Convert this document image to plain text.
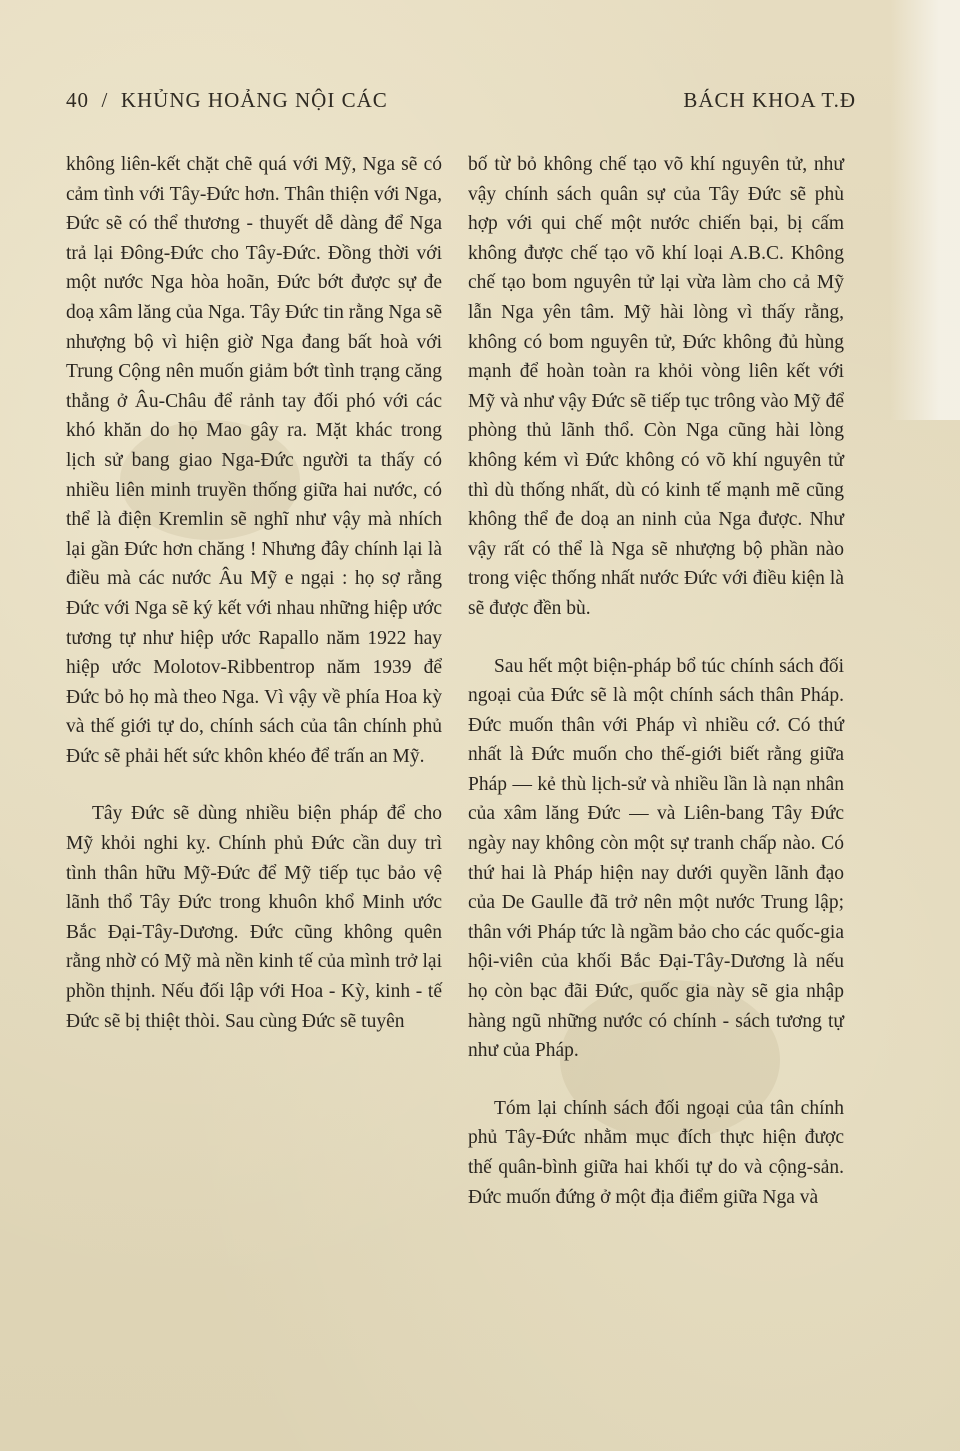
40 / KHỦNG HOẢNG NỘI CÁC	BÁCH KHOA T.Đ

không liên-kết chặt chẽ quá với Mỹ, Nga sẽ có cảm tình với Tây-Đức hơn. Thân thiện với Nga, Đức sẽ có thể thương - thuyết dễ dàng để Nga trả lại Đông-Đức cho Tây-Đức. Đồng thời với một nước Nga hòa hoãn, Đức bớt được sự đe doạ xâm lăng của Nga. Tây Đức tin rằng Nga sẽ nhượng bộ vì hiện giờ Nga đang bất hoà với Trung Cộng nên muốn giảm bớt tình trạng căng thẳng ở Âu-Châu để rảnh tay đối phó với các khó khăn do họ Mao gây ra. Mặt khác trong lịch sử bang giao Nga-Đức người ta thấy có nhiều liên minh truyền thống giữa hai nước, có thể là điện Kremlin sẽ nghĩ như vậy mà nhích lại gần Đức hơn chăng ! Nhưng đây chính lại là điều mà các nước Âu Mỹ e ngại : họ sợ rằng Đức với Nga sẽ ký kết với nhau những hiệp ước tương tự như hiệp ước Rapallo năm 1922 hay hiệp ước Molotov-Ribbentrop năm 1939 để Đức bỏ họ mà theo Nga. Vì vậy về phía Hoa kỳ và thế giới tự do, chính sách của tân chính phủ Đức sẽ phải hết sức khôn khéo để trấn an Mỹ.

Tây Đức sẽ dùng nhiều biện pháp để cho Mỹ khỏi nghi kỵ. Chính phủ Đức cần duy trì tình thân hữu Mỹ-Đức để Mỹ tiếp tục bảo vệ lãnh thổ Tây Đức trong khuôn khổ Minh ước Bắc Đại-Tây-Dương. Đức cũng không quên rằng nhờ có Mỹ mà nền kinh tế của mình trở lại phồn thịnh. Nếu đối lập với Hoa - Kỳ, kinh - tế Đức sẽ bị thiệt thòi. Sau cùng Đức sẽ tuyên

bố từ bỏ không chế tạo võ khí nguyên tử, như vậy chính sách quân sự của Tây Đức sẽ phù hợp với qui chế một nước chiến bại, bị cấm không được chế tạo võ khí loại A.B.C. Không chế tạo bom nguyên tử lại vừa làm cho cả Mỹ lẫn Nga yên tâm. Mỹ hài lòng vì thấy rằng, không có bom nguyên tử, Đức không đủ hùng mạnh để hoàn toàn ra khỏi vòng liên kết với Mỹ và như vậy Đức sẽ tiếp tục trông vào Mỹ để phòng thủ lãnh thổ. Còn Nga cũng hài lòng không kém vì Đức không có võ khí nguyên tử thì dù thống nhất, dù có kinh tế mạnh mẽ cũng không thể đe doạ an ninh của Nga được. Như vậy rất có thể là Nga sẽ nhượng bộ phần nào trong việc thống nhất nước Đức với điều kiện là sẽ được đền bù.

Sau hết một biện-pháp bổ túc chính sách đối ngoại của Đức sẽ là một chính sách thân Pháp. Đức muốn thân với Pháp vì nhiều cớ. Có thứ nhất là Đức muốn cho thế-giới biết rằng giữa Pháp — kẻ thù lịch-sử và nhiều lần là nạn nhân của xâm lăng Đức — và Liên-bang Tây Đức ngày nay không còn một sự tranh chấp nào. Có thứ hai là Pháp hiện nay dưới quyền lãnh đạo của De Gaulle đã trở nên một nước Trung lập; thân với Pháp tức là ngầm bảo cho các quốc-gia hội-viên của khối Bắc Đại-Tây-Dương là nếu họ còn bạc đãi Đức, quốc gia này sẽ gia nhập hàng ngũ những nước có chính - sách tương tự như của Pháp.

Tóm lại chính sách đối ngoại của tân chính phủ Tây-Đức nhằm mục đích thực hiện được thế quân-bình giữa hai khối tự do và cộng-sản. Đức muốn đứng ở một địa điểm giữa Nga và
